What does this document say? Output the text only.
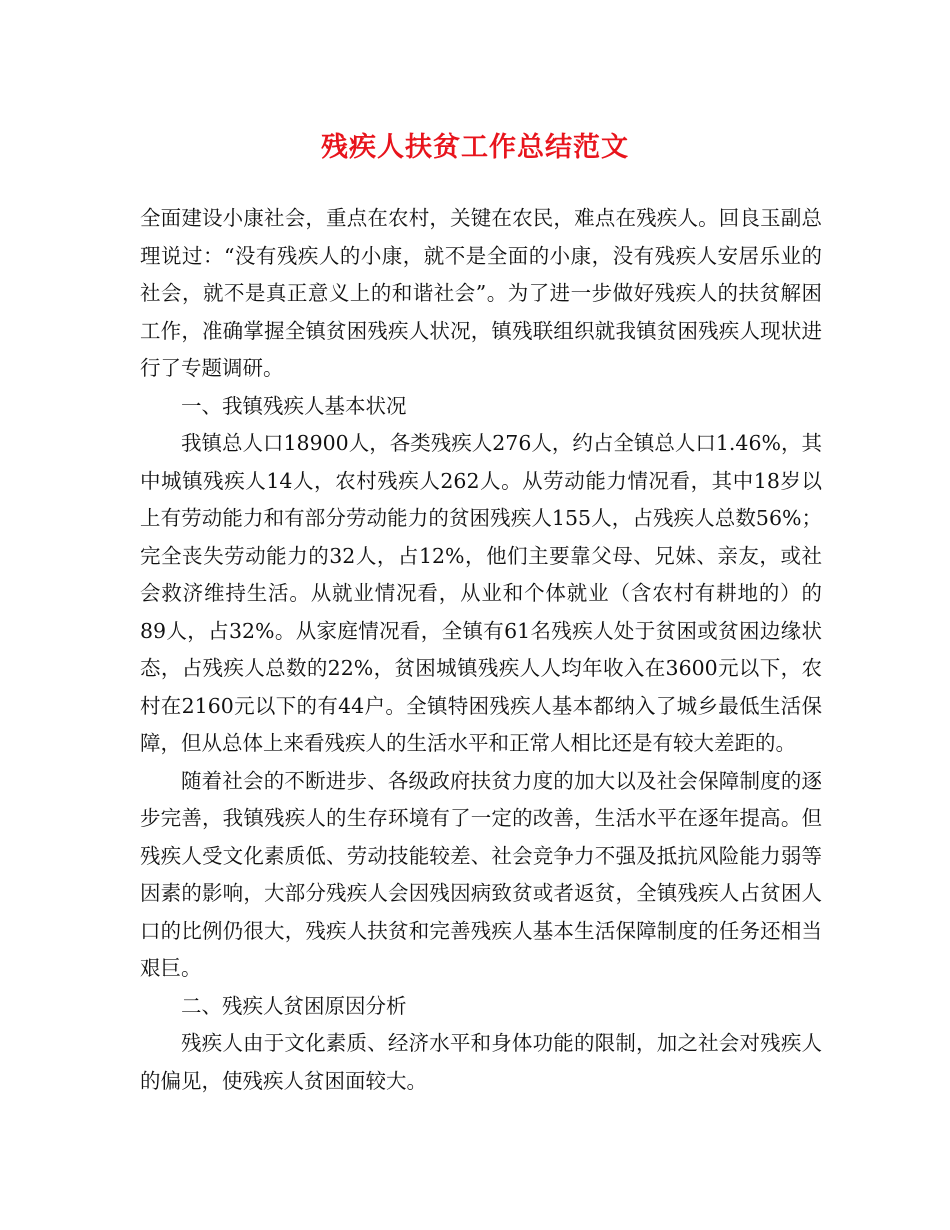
残疾人扶贫工作总结范文

全面建设小康社会，重点在农村，关键在农民，难点在残疾人。回良玉副总理说过：“没有残疾人的小康，就不是全面的小康，没有残疾人安居乐业的社会，就不是真正意义上的和谐社会”。为了进一步做好残疾人的扶贫解困工作，准确掌握全镇贫困残疾人状况，镇残联组织就我镇贫困残疾人现状进行了专题调研。

一、我镇残疾人基本状况

我镇总人口18900人，各类残疾人276人，约占全镇总人口1.46%，其中城镇残疾人14人，农村残疾人262人。从劳动能力情况看，其中18岁以上有劳动能力和有部分劳动能力的贫困残疾人155人，占残疾人总数56%；完全丧失劳动能力的32人，占12%，他们主要靠父母、兄妹、亲友，或社会救济维持生活。从就业情况看，从业和个体就业（含农村有耕地的）的89人，占32%。从家庭情况看，全镇有61名残疾人处于贫困或贫困边缘状态，占残疾人总数的22%，贫困城镇残疾人人均年收入在3600元以下，农村在2160元以下的有44户。全镇特困残疾人基本都纳入了城乡最低生活保障，但从总体上来看残疾人的生活水平和正常人相比还是有较大差距的。

随着社会的不断进步、各级政府扶贫力度的加大以及社会保障制度的逐步完善，我镇残疾人的生存环境有了一定的改善，生活水平在逐年提高。但残疾人受文化素质低、劳动技能较差、社会竞争力不强及抵抗风险能力弱等因素的影响，大部分残疾人会因残因病致贫或者返贫，全镇残疾人占贫困人口的比例仍很大，残疾人扶贫和完善残疾人基本生活保障制度的任务还相当艰巨。

二、残疾人贫困原因分析

残疾人由于文化素质、经济水平和身体功能的限制，加之社会对残疾人的偏见，使残疾人贫困面较大。
